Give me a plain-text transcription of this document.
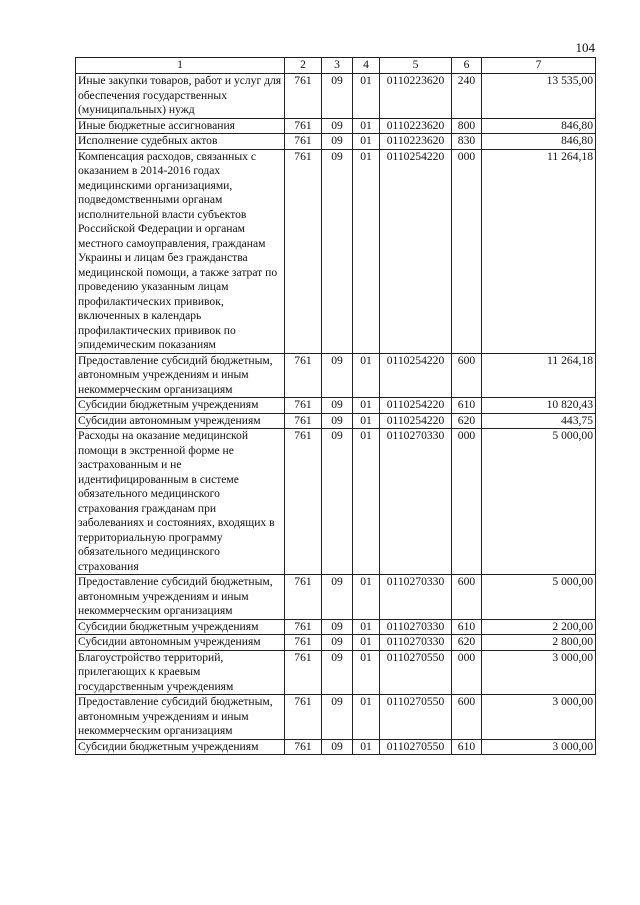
104
1	2	3	4	5	6	7
Иные закупки товаров, работ и услуг для обеспечения государственных (муниципальных) нужд	761	09	01	0110223620	240	13 535,00
Иные бюджетные ассигнования	761	09	01	0110223620	800	846,80
Исполнение судебных актов	761	09	01	0110223620	830	846,80
Компенсация расходов, связанных с оказанием в 2014-2016 годах медицинскими организациями, подведомственными органам исполнительной власти субъектов Российской Федерации и органам местного самоуправления, гражданам Украины и лицам без гражданства медицинской помощи, а также затрат по проведению указанным лицам профилактических прививок, включенных в календарь профилактических прививок по эпидемическим показаниям	761	09	01	0110254220	000	11 264,18
Предоставление субсидий бюджетным, автономным учреждениям и иным некоммерческим организациям	761	09	01	0110254220	600	11 264,18
Субсидии бюджетным учреждениям	761	09	01	0110254220	610	10 820,43
Субсидии автономным учреждениям	761	09	01	0110254220	620	443,75
Расходы на оказание медицинской помощи в экстренной форме не застрахованным и не идентифицированным в системе обязательного медицинского страхования гражданам при заболеваниях и состояниях, входящих в территориальную программу обязательного медицинского страхования	761	09	01	0110270330	000	5 000,00
Предоставление субсидий бюджетным, автономным учреждениям и иным некоммерческим организациям	761	09	01	0110270330	600	5 000,00
Субсидии бюджетным учреждениям	761	09	01	0110270330	610	2 200,00
Субсидии автономным учреждениям	761	09	01	0110270330	620	2 800,00
Благоустройство территорий, прилегающих к краевым государственным учреждениям	761	09	01	0110270550	000	3 000,00
Предоставление субсидий бюджетным, автономным учреждениям и иным некоммерческим организациям	761	09	01	0110270550	600	3 000,00
Субсидии бюджетным учреждениям	761	09	01	0110270550	610	3 000,00
